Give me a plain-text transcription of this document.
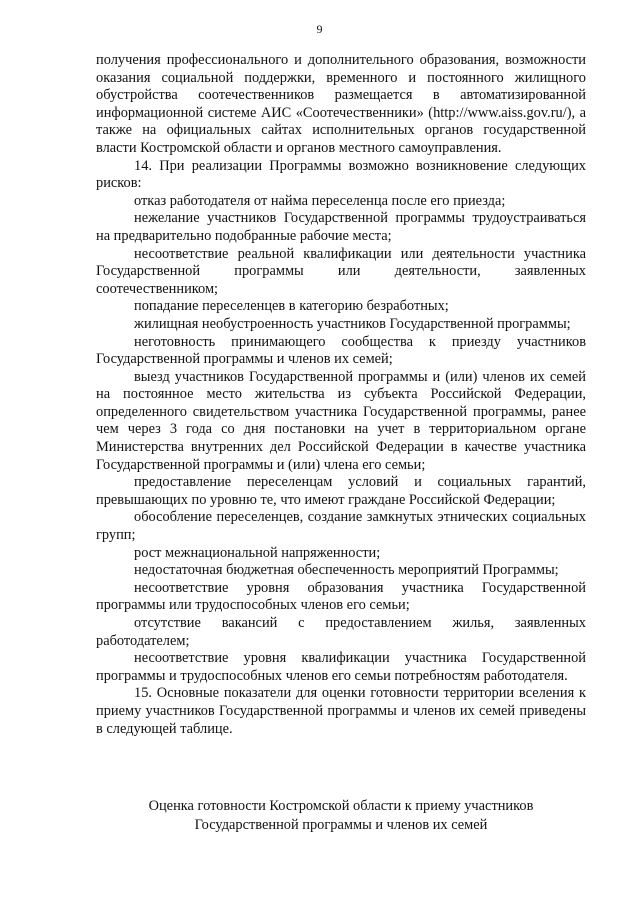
9

получения профессионального и дополнительного образования, возможности оказания социальной поддержки, временного и постоянного жилищного обустройства соотечественников размещается в автоматизированной информационной системе АИС «Соотечественники» (http://www.aiss.gov.ru/), а также на официальных сайтах исполнительных органов государственной власти Костромской области и органов местного самоуправления.

14. При реализации Программы возможно возникновение следующих рисков:

отказ работодателя от найма переселенца после его приезда;

нежелание участников Государственной программы трудоустраиваться на предварительно подобранные рабочие места;

несоответствие реальной квалификации или деятельности участника Государственной программы или деятельности, заявленных соотечественником;

попадание переселенцев в категорию безработных;

жилищная необустроенность участников Государственной программы;

неготовность принимающего сообщества к приезду участников Государственной программы и членов их семей;

выезд участников Государственной программы и (или) членов их семей на постоянное место жительства из субъекта Российской Федерации, определенного свидетельством участника Государственной программы, ранее чем через 3 года со дня постановки на учет в территориальном органе Министерства внутренних дел Российской Федерации в качестве участника Государственной программы и (или) члена его семьи;

предоставление переселенцам условий и социальных гарантий, превышающих по уровню те, что имеют граждане Российской Федерации;

обособление переселенцев, создание замкнутых этнических социальных групп;

рост межнациональной напряженности;

недостаточная бюджетная обеспеченность мероприятий Программы;

несоответствие уровня образования участника Государственной программы или трудоспособных членов его семьи;

отсутствие вакансий с предоставлением жилья, заявленных работодателем;

несоответствие уровня квалификации участника Государственной программы и трудоспособных членов его семьи потребностям работодателя.

15. Основные показатели для оценки готовности территории вселения к приему участников Государственной программы и членов их семей приведены в следующей таблице.

Оценка готовности Костромской области к приему участников
Государственной программы и членов их семей
